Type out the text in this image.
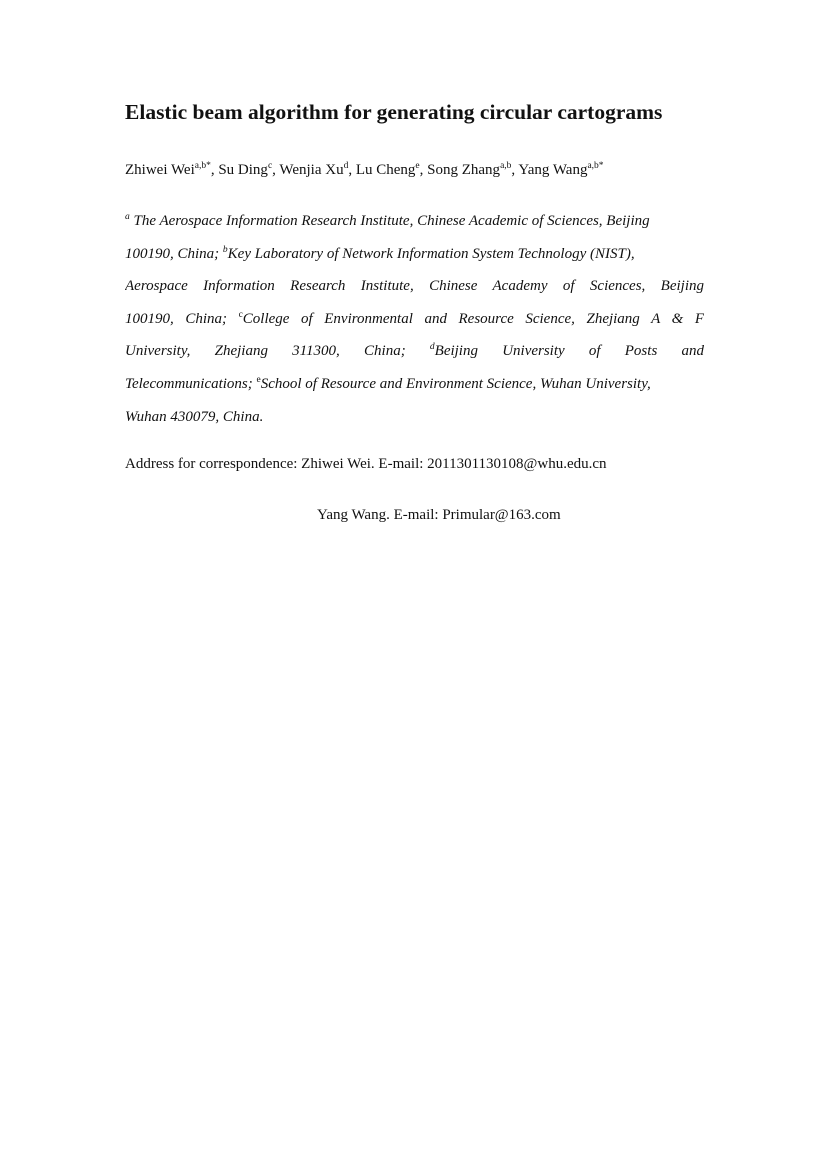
Elastic beam algorithm for generating circular cartograms
Zhiwei Wei$^{a,b*}$, Su Ding$^c$, Wenjia Xu$^d$, Lu Cheng$^e$, Song Zhang$^{a,b}$, Yang Wang$^{a,b*}$
$^a$ The Aerospace Information Research Institute, Chinese Academic of Sciences, Beijing
100190, China; $^b$Key Laboratory of Network Information System Technology (NIST),
Aerospace Information Research Institute, Chinese Academy of Sciences, Beijing
100190, China; $^c$College of Environmental and Resource Science, Zhejiang A & F
University, Zhejiang 311300, China; $^d$Beijing University of Posts and
Telecommunications; $^e$School of Resource and Environment Science, Wuhan University,
Wuhan 430079, China.
Address for correspondence: Zhiwei Wei. E-mail: 2011301130108@whu.edu.cn
Yang Wang. E-mail: Primular@163.com
